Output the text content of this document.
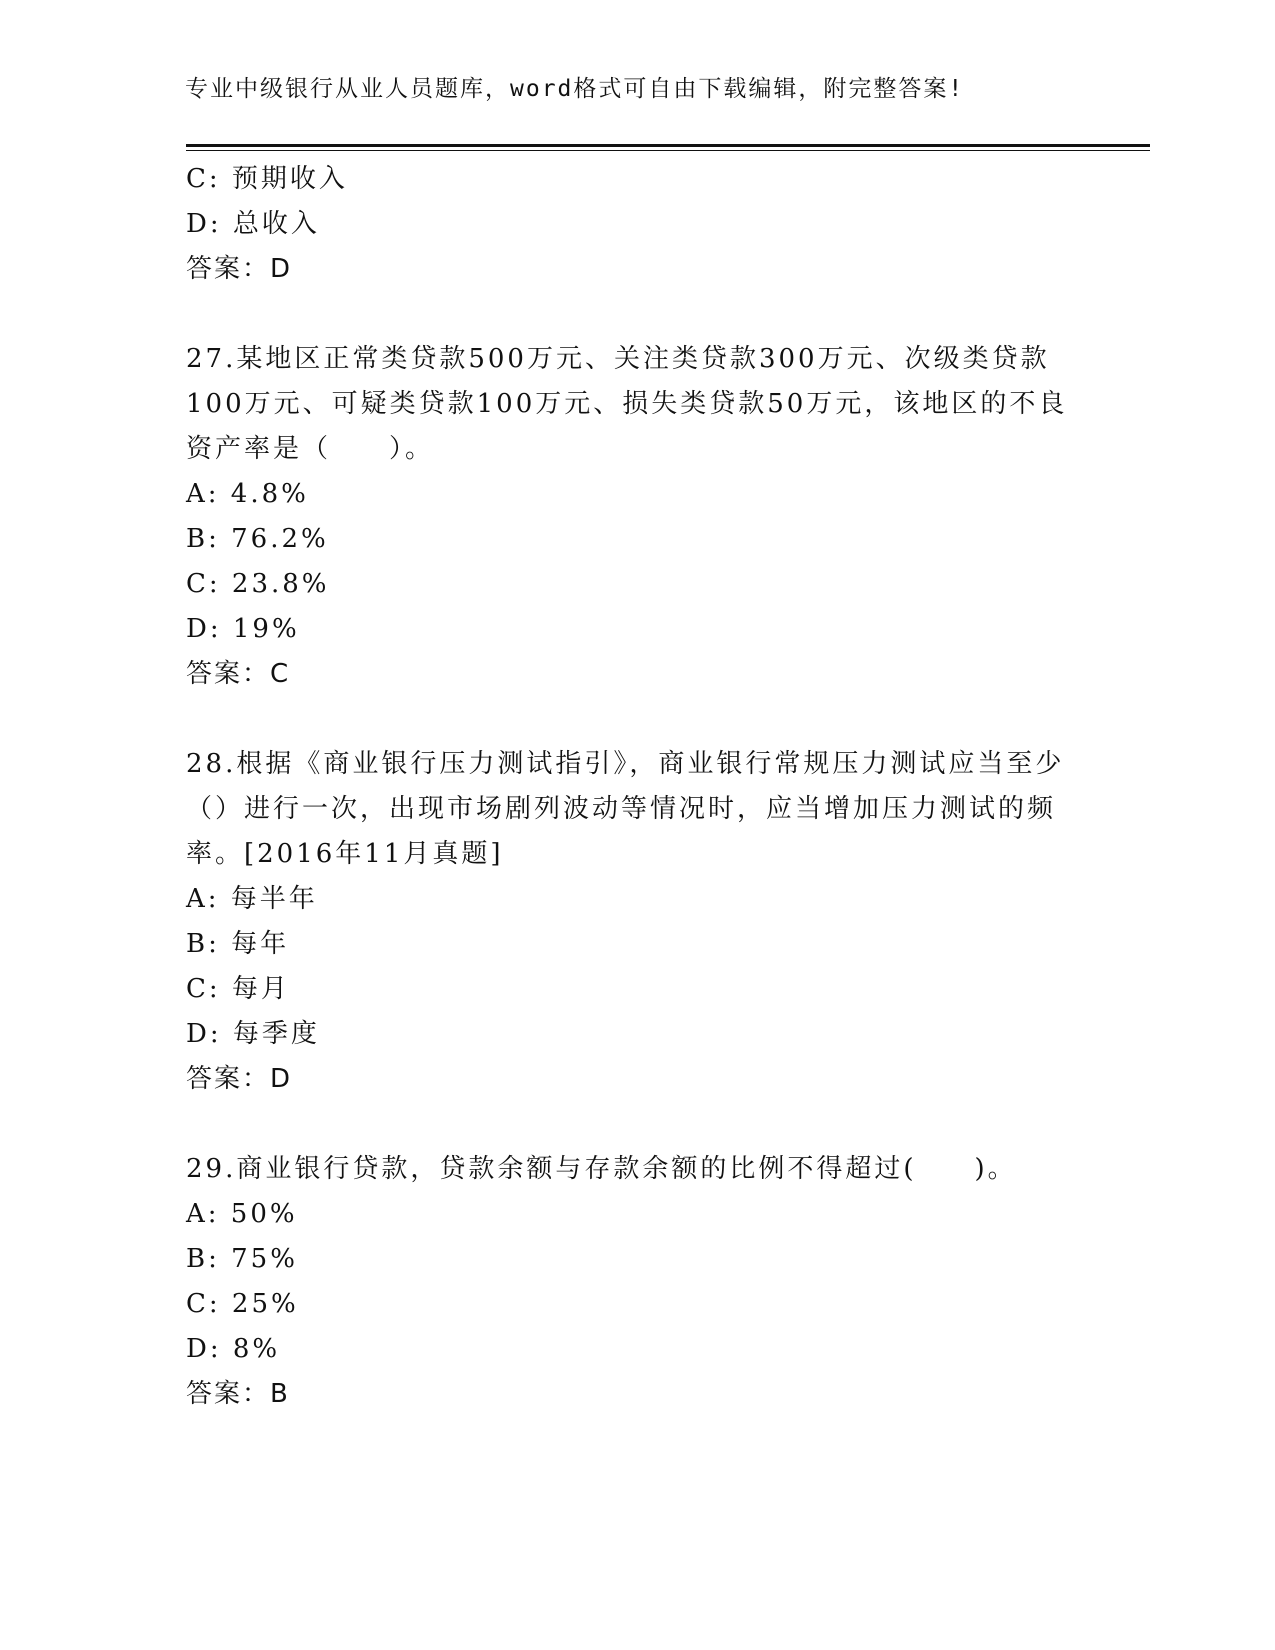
专业中级银行从业人员题库，word格式可自由下载编辑，附完整答案!
C: 预期收入
D: 总收入
答案：D
27.某地区正常类贷款500万元、关注类贷款300万元、次级类贷款
100万元、可疑类贷款100万元、损失类贷款50万元，该地区的不良
资产率是（　　）。
A: 4.8%
B: 76.2%
C: 23.8%
D: 19%
答案：C
28.根据《商业银行压力测试指引》，商业银行常规压力测试应当至少
（）进行一次，出现市场剧列波动等情况时，应当增加压力测试的频
率。[2016年11月真题]
A: 每半年
B: 每年
C: 每月
D: 每季度
答案：D
29.商业银行贷款，贷款余额与存款余额的比例不得超过(　　)。
A: 50%
B: 75%
C: 25%
D: 8%
答案：B
